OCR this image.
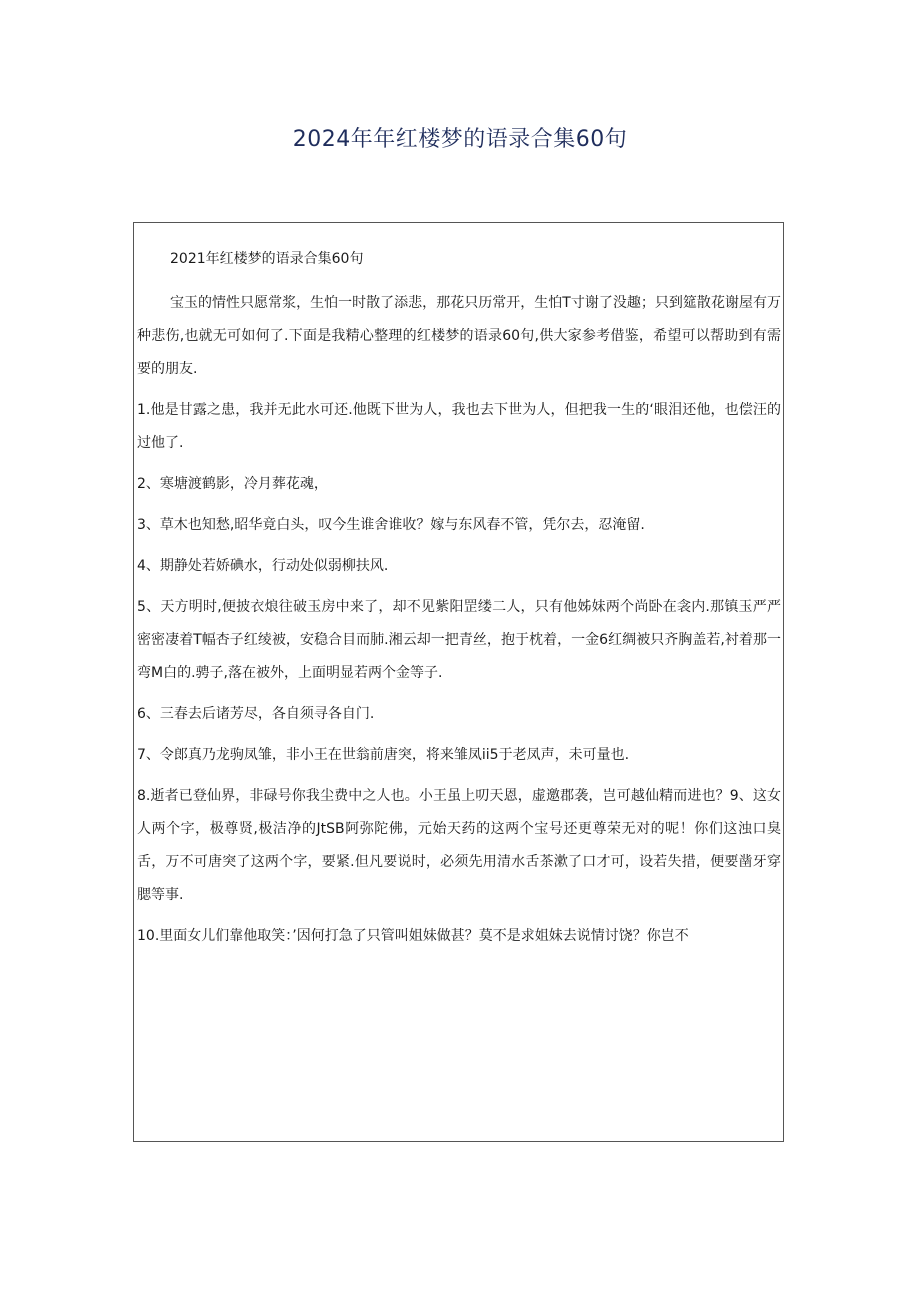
2024年年红楼梦的语录合集60句

2021年红楼梦的语录合集60句

宝玉的情性只愿常浆，生怕一时散了添悲，那花只历常开，生怕T寸谢了没趣；只到筵散花谢屋有万种悲伤,也就无可如何了.下面是我精心整理的红楼梦的语录60句,供大家参考借鉴，希望可以帮助到有需要的朋友.

1.他是甘露之患，我并无此水可还.他既下世为人，我也去下世为人，但把我一生的‘眼泪还他，也偿汪的过他了.

2、寒塘渡鹤影，冷月葬花魂，

3、草木也知愁,昭华竟白头，叹今生谁舍谁收？嫁与东风春不管，凭尔去，忍淹留.

4、期静处若娇碘水，行动处似弱柳扶风.

5、天方明时,便披衣烺往破玉房中来了，却不见紫阳罡缕二人，只有他姊妹两个尚卧在衾内.那镇玉严严密密凄着T幅杏子红绫被，安稳合目而肺.湘云却一把青丝，抱于枕着，一金6红绸被只齐胸盖若,衬着那一弯M白的.骋子,落在被外，上面明显若两个金等子.

6、三春去后诸芳尽，各自须寻各自门.

7、令郎真乃龙驹凤雏，非小王在世翁前唐突，将来雏凤ii5于老凤声，未可量也.

8.逝者已登仙界，非碌号你我尘费中之人也。小王虽上叨天恩，虚邀郡袭，岂可越仙精而进也？9、这女人两个字，极尊贤,极洁净的JtSB阿弥陀佛，元始天药的这两个宝号还更尊荣无对的呢！你们这浊口臭舌，万不可唐突了这两个字，要紧.但凡要说时，必须先用清水舌茶漱了口才可，设若失措，便要凿牙穿腮等事.

10.里面女儿们靠他取笑：’因何打急了只管叫姐妹做甚？莫不是求姐妹去说情讨饶？你岂不
